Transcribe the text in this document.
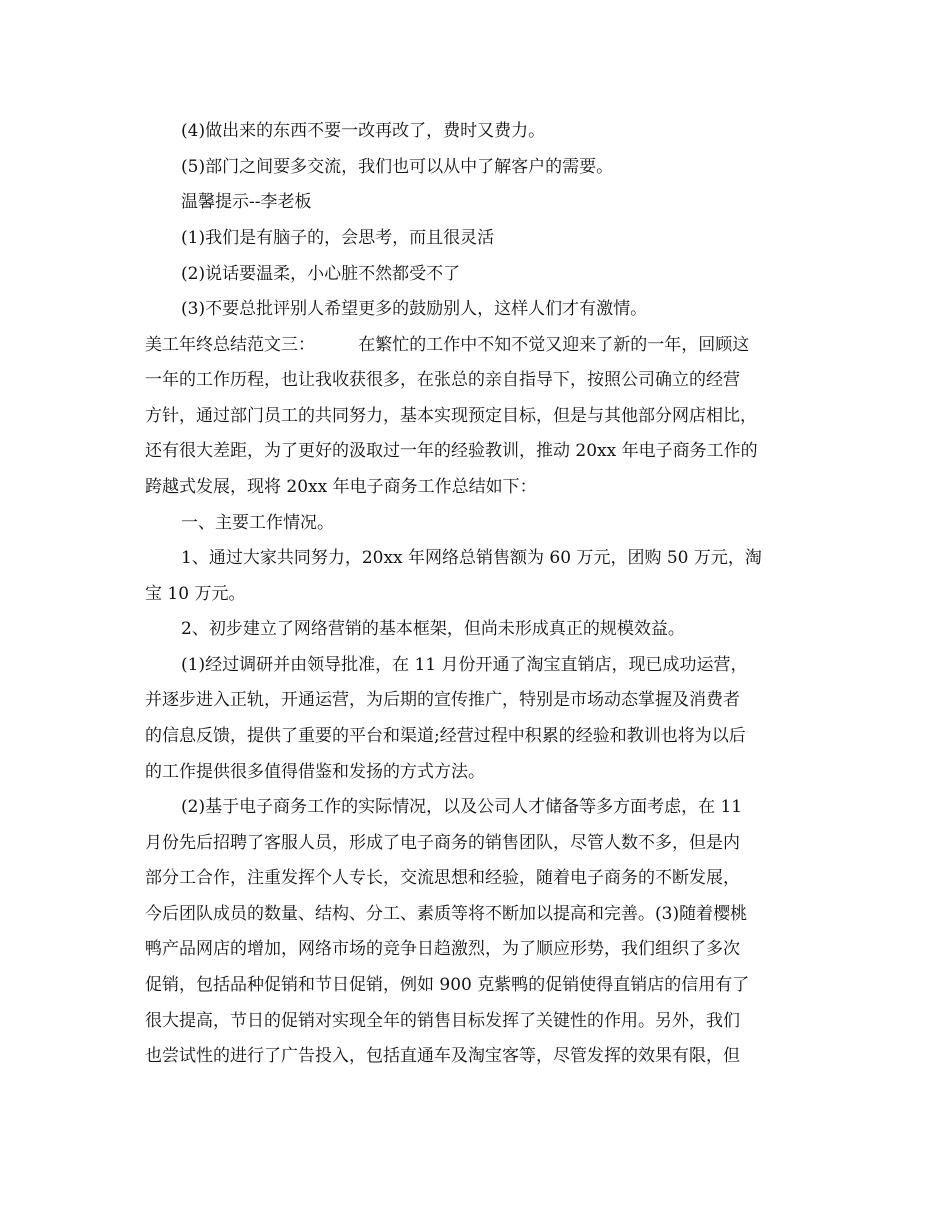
(4)做出来的东西不要一改再改了，费时又费力。
(5)部门之间要多交流，我们也可以从中了解客户的需要。
温馨提示--李老板
(1)我们是有脑子的，会思考，而且很灵活
(2)说话要温柔，小心脏不然都受不了
(3)不要总批评别人希望更多的鼓励别人，这样人们才有激情。
美工年终总结范文三：        在繁忙的工作中不知不觉又迎来了新的一年，回顾这
一年的工作历程，也让我收获很多，在张总的亲自指导下，按照公司确立的经营
方针，通过部门员工的共同努力，基本实现预定目标，但是与其他部分网店相比，
还有很大差距，为了更好的汲取过一年的经验教训，推动 20xx 年电子商务工作的
跨越式发展，现将 20xx 年电子商务工作总结如下：
一、主要工作情况。
1、通过大家共同努力，20xx 年网络总销售额为 60 万元，团购 50 万元，淘
宝 10 万元。
2、初步建立了网络营销的基本框架，但尚未形成真正的规模效益。
(1)经过调研并由领导批准，在 11 月份开通了淘宝直销店，现已成功运营，
并逐步进入正轨，开通运营，为后期的宣传推广，特别是市场动态掌握及消费者
的信息反馈，提供了重要的平台和渠道;经营过程中积累的经验和教训也将为以后
的工作提供很多值得借鉴和发扬的方式方法。
(2)基于电子商务工作的实际情况，以及公司人才储备等多方面考虑，在 11
月份先后招聘了客服人员，形成了电子商务的销售团队，尽管人数不多，但是内
部分工合作，注重发挥个人专长，交流思想和经验，随着电子商务的不断发展，
今后团队成员的数量、结构、分工、素质等将不断加以提高和完善。(3)随着樱桃
鸭产品网店的增加，网络市场的竞争日趋激烈，为了顺应形势，我们组织了多次
促销，包括品种促销和节日促销，例如 900 克紫鸭的促销使得直销店的信用有了
很大提高，节日的促销对实现全年的销售目标发挥了关键性的作用。另外，我们
也尝试性的进行了广告投入，包括直通车及淘宝客等，尽管发挥的效果有限，但
